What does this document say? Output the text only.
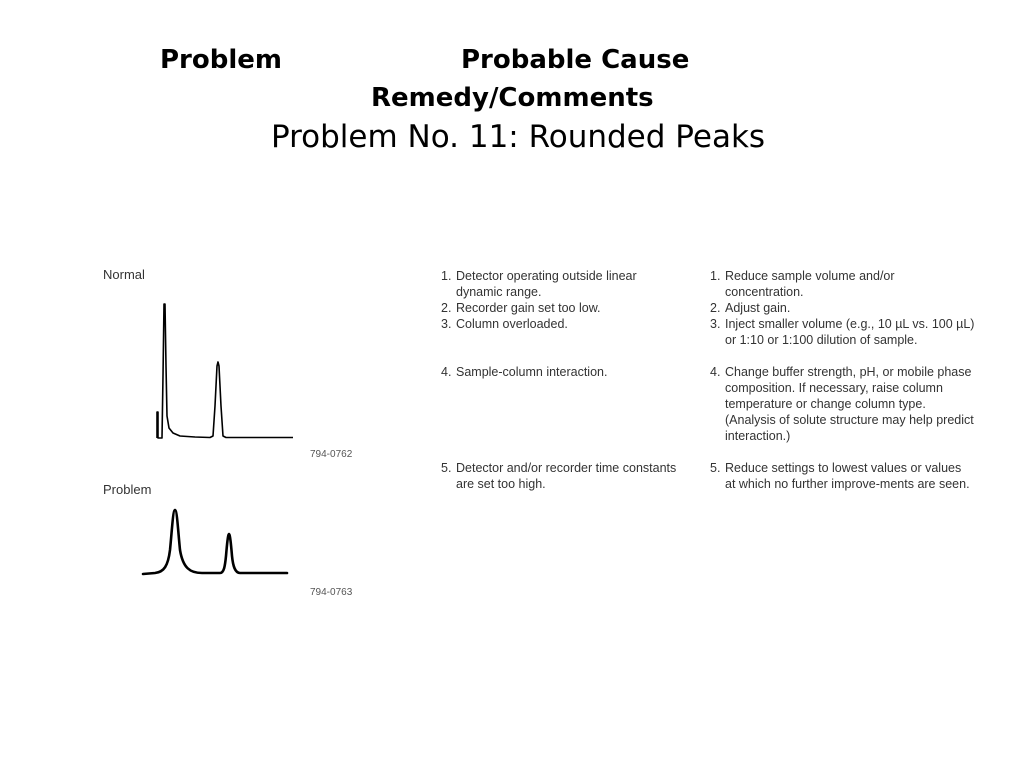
Problem	Probable Cause
Remedy/Comments
Problem No. 11: Rounded Peaks
Normal
794-0762
Problem
794-0763
1. Detector operating outside linear dynamic range.
2. Recorder gain set too low.
3. Column overloaded.
4. Sample-column interaction.
5. Detector and/or recorder time constants are set too high.
1. Reduce sample volume and/or concentration.
2. Adjust gain.
3. Inject smaller volume (e.g., 10 µL vs. 100 µL) or 1:10 or 1:100 dilution of sample.
4. Change buffer strength, pH, or mobile phase composition. If necessary, raise column temperature or change column type. (Analysis of solute structure may help predict interaction.)
5. Reduce settings to lowest values or values at which no further improve-ments are seen.
